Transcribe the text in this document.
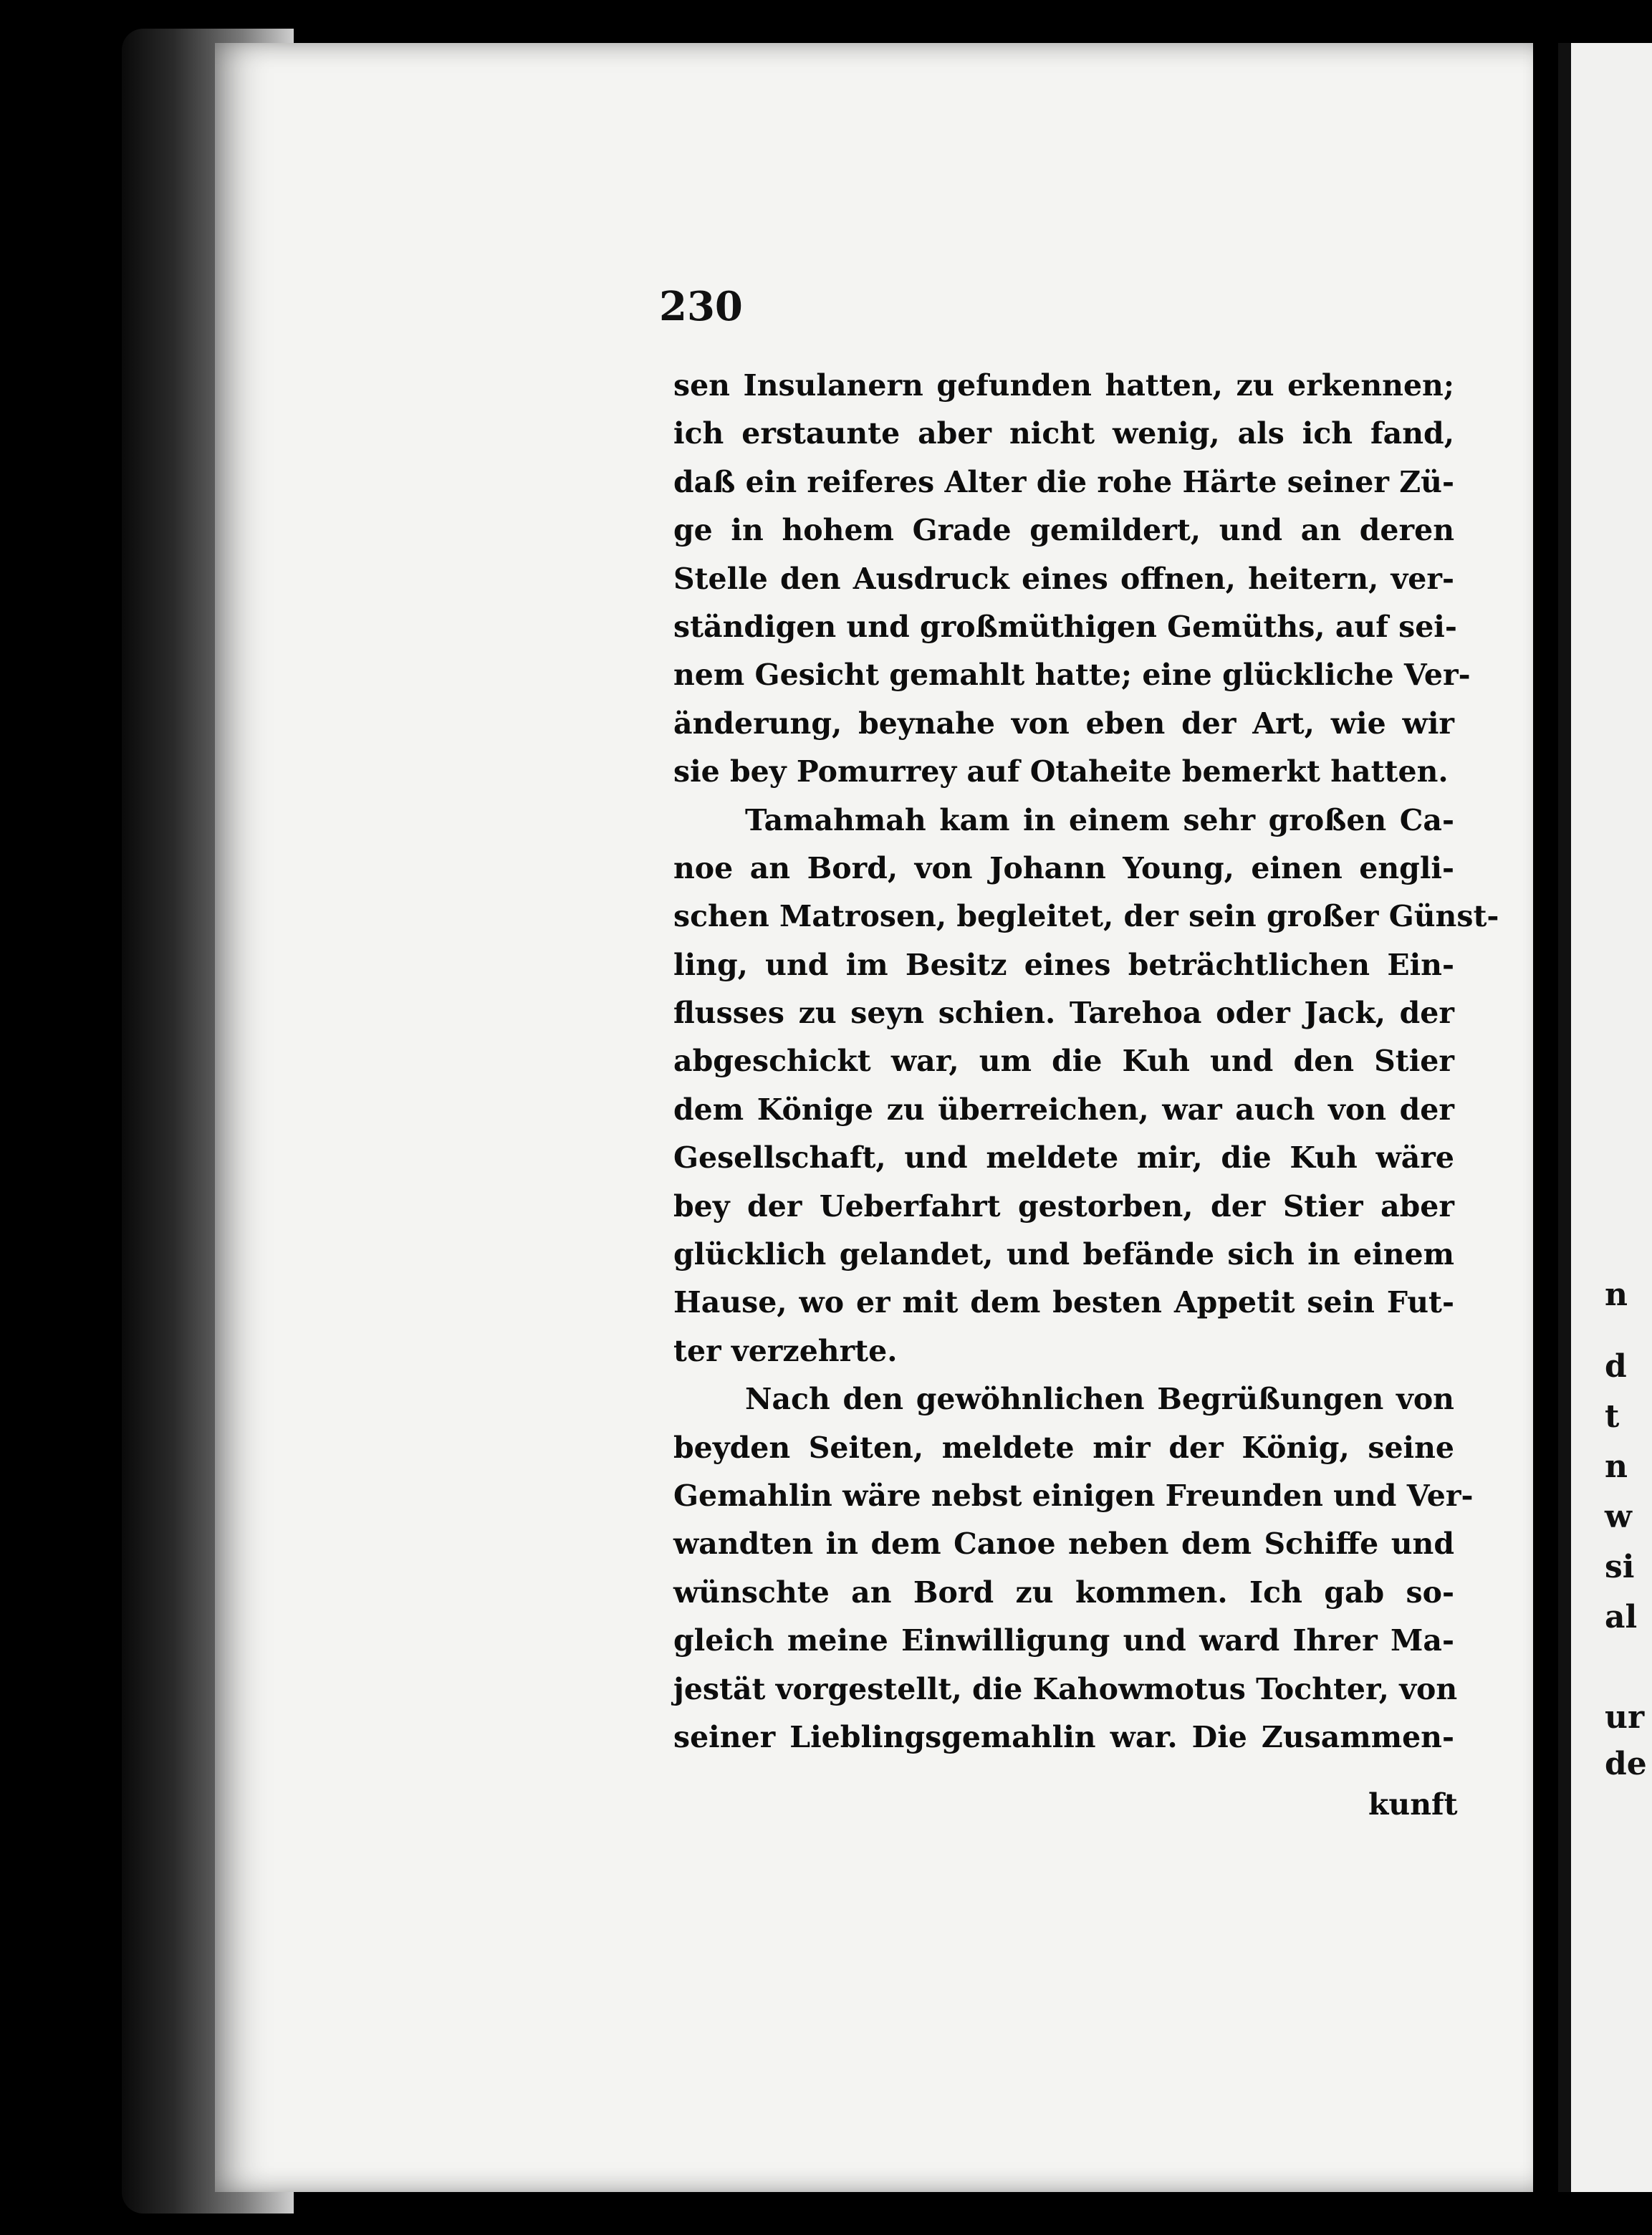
230
sen Insulanern gefunden hatten, zu erkennen;
ich erstaunte aber nicht wenig, als ich fand,
daß ein reiferes Alter die rohe Härte seiner Zü-
ge in hohem Grade gemildert, und an deren
Stelle den Ausdruck eines offnen, heitern, ver-
ständigen und großmüthigen Gemüths, auf sei-
nem Gesicht gemahlt hatte; eine glückliche Ver-
änderung, beynahe von eben der Art, wie wir
sie bey Pomurrey auf Otaheite bemerkt hatten.
Tamahmah kam in einem sehr großen Ca-
noe an Bord, von Johann Young, einen engli-
schen Matrosen, begleitet, der sein großer Günst-
ling, und im Besitz eines beträchtlichen Ein-
flusses zu seyn schien. Tarehoa oder Jack, der
abgeschickt war, um die Kuh und den Stier
dem Könige zu überreichen, war auch von der
Gesellschaft, und meldete mir, die Kuh wäre
bey der Ueberfahrt gestorben, der Stier aber
glücklich gelandet, und befände sich in einem
Hause, wo er mit dem besten Appetit sein Fut-
ter verzehrte.
Nach den gewöhnlichen Begrüßungen von
beyden Seiten, meldete mir der König, seine
Gemahlin wäre nebst einigen Freunden und Ver-
wandten in dem Canoe neben dem Schiffe und
wünschte an Bord zu kommen. Ich gab so-
gleich meine Einwilligung und ward Ihrer Ma-
jestät vorgestellt, die Kahowmotus Tochter, von
seiner Lieblingsgemahlin war. Die Zusammen-
kunft
n
d
t
n
w
si
al
ur
de
